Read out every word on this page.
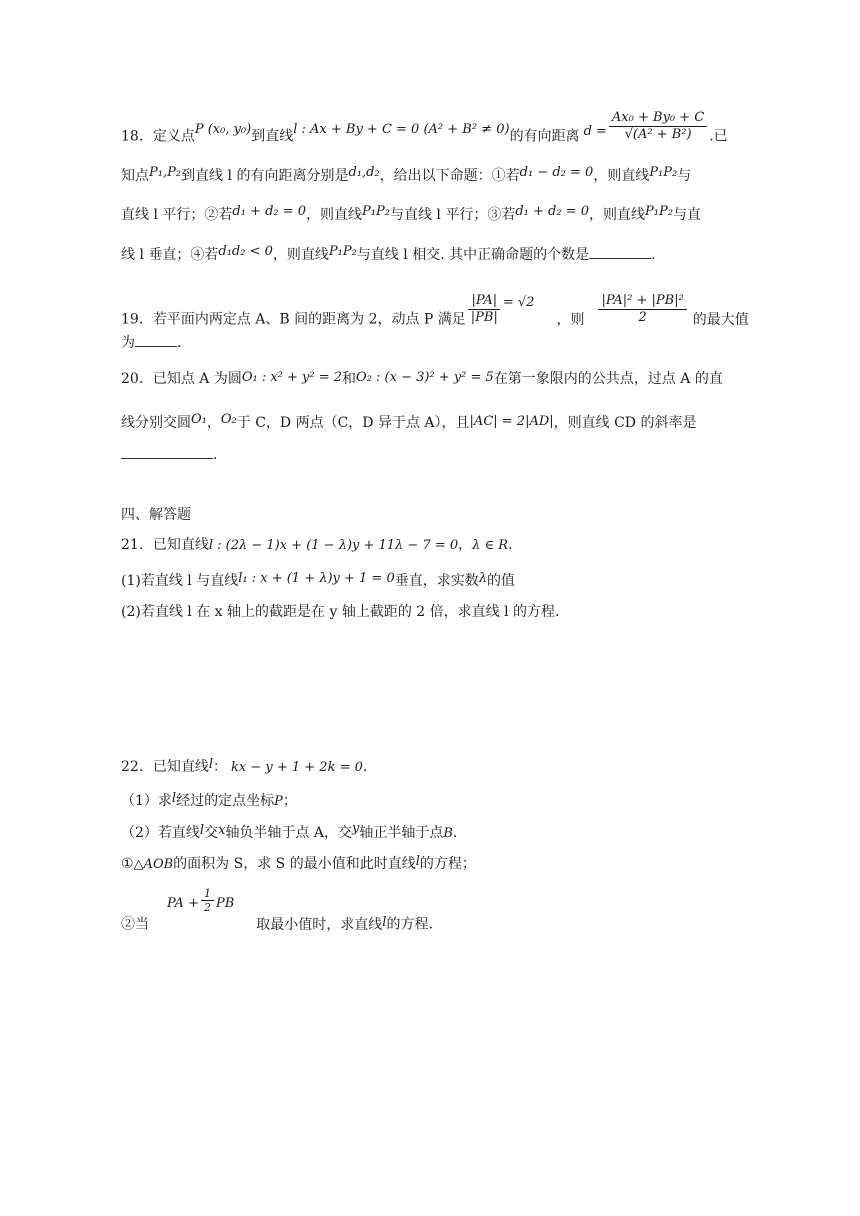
18．定义点P (x₀, y₀)到直线l : Ax + By + C = 0 (A² + B² ≠ 0)的有向距离 $d = \frac{\text{Ax₀ + By₀ + C}}{\text{√(A² + B²)}}$ .已
知点P₁,P₂到直线 l 的有向距离分别是d₁,d₂，给出以下命题：①若d₁ − d₂ = 0，则直线P₁P₂与
直线 l 平行；②若d₁ + d₂ = 0，则直线P₁P₂与直线 l 平行；③若d₁ + d₂ = 0，则直线P₁P₂与直
线 l 垂直；④若d₁d₂ < 0，则直线P₁P₂与直线 l 相交. 其中正确命题的个数是	.
19．若平面内两定点 A、B 间的距离为 2，动点 P 满足 $\frac{|PA|}{|PB|} = √2$，则 $\frac{\text{|PA|² + |PB|²}}{2}$ 的最大值
为	.
20．已知点 A 为圆O₁ : x² + y² = 2和O₂ : (x − 3)² + y² = 5在第一象限内的公共点，过点 A 的直
线分别交圆O₁，O₂于 C，D 两点（C，D 异于点 A），且|AC| = 2|AD|，则直线 CD 的斜率是
.
四、解答题
21．已知直线l : (2λ − 1)x + (1 − λ)y + 11λ − 7 = 0，λ ∈ R.
(1)若直线 l 与直线l₁ : x + (1 + λ)y + 1 = 0垂直，求实数λ的值
(2)若直线 l 在 x 轴上的截距是在 y 轴上截距的 2 倍，求直线 l 的方程.
22．已知直线l： kx − y + 1 + 2k = 0.
（1）求l经过的定点坐标P；
（2）若直线l交x轴负半轴于点 A，交y轴正半轴于点B.
①△AOB的面积为 S，求 S 的最小值和此时直线l的方程；
②当PA + $\frac{1}{2}$ PB取最小值时，求直线l的方程.
